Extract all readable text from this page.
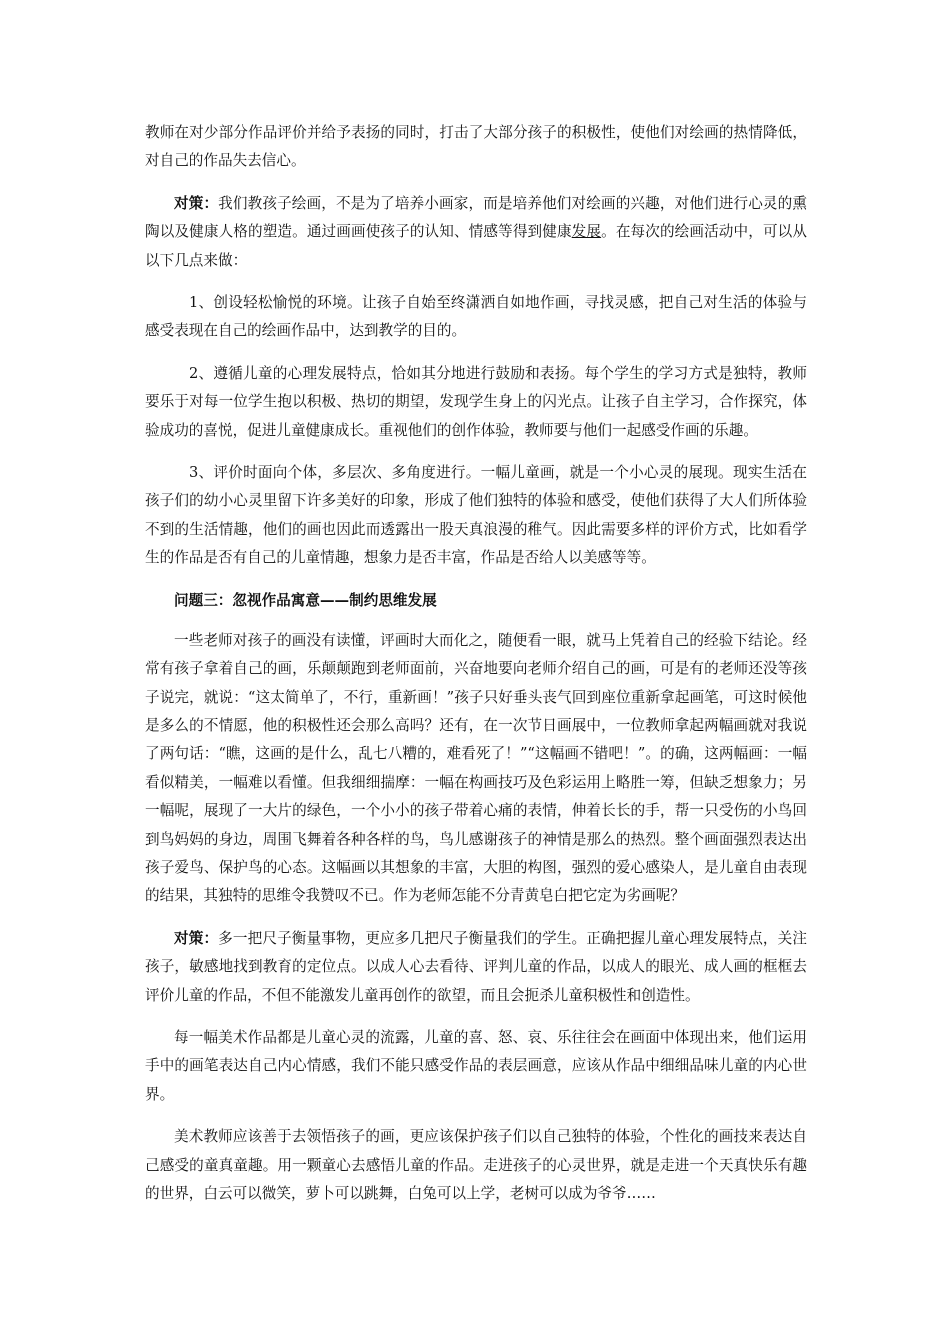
教师在对少部分作品评价并给予表扬的同时，打击了大部分孩子的积极性，使他们对绘画的热情降低，对自己的作品失去信心。

对策：我们教孩子绘画，不是为了培养小画家，而是培养他们对绘画的兴趣，对他们进行心灵的熏陶以及健康人格的塑造。通过画画使孩子的认知、情感等得到健康发展。在每次的绘画活动中，可以从以下几点来做：

1、创设轻松愉悦的环境。让孩子自始至终潇洒自如地作画，寻找灵感，把自己对生活的体验与感受表现在自己的绘画作品中，达到教学的目的。

2、遵循儿童的心理发展特点，恰如其分地进行鼓励和表扬。每个学生的学习方式是独特，教师要乐于对每一位学生抱以积极、热切的期望，发现学生身上的闪光点。让孩子自主学习，合作探究，体验成功的喜悦，促进儿童健康成长。重视他们的创作体验，教师要与他们一起感受作画的乐趣。

3、评价时面向个体，多层次、多角度进行。一幅儿童画，就是一个小心灵的展现。现实生活在孩子们的幼小心灵里留下许多美好的印象，形成了他们独特的体验和感受，使他们获得了大人们所体验不到的生活情趣，他们的画也因此而透露出一股天真浪漫的稚气。因此需要多样的评价方式，比如看学生的作品是否有自己的儿童情趣，想象力是否丰富，作品是否给人以美感等等。

问题三：忽视作品寓意——制约思维发展

一些老师对孩子的画没有读懂，评画时大而化之，随便看一眼，就马上凭着自己的经验下结论。经常有孩子拿着自己的画，乐颠颠跑到老师面前，兴奋地要向老师介绍自己的画，可是有的老师还没等孩子说完，就说：“这太简单了，不行，重新画！”孩子只好垂头丧气回到座位重新拿起画笔，可这时候他是多么的不情愿，他的积极性还会那么高吗？还有，在一次节日画展中，一位教师拿起两幅画就对我说了两句话：“瞧，这画的是什么，乱七八糟的，难看死了！”“这幅画不错吧！”。的确，这两幅画：一幅看似精美，一幅难以看懂。但我细细揣摩：一幅在构画技巧及色彩运用上略胜一筹，但缺乏想象力；另一幅呢，展现了一大片的绿色，一个小小的孩子带着心痛的表情，伸着长长的手，帮一只受伤的小鸟回到鸟妈妈的身边，周围飞舞着各种各样的鸟，鸟儿感谢孩子的神情是那么的热烈。整个画面强烈表达出孩子爱鸟、保护鸟的心态。这幅画以其想象的丰富，大胆的构图，强烈的爱心感染人，是儿童自由表现的结果，其独特的思维令我赞叹不已。作为老师怎能不分青黄皂白把它定为劣画呢？

对策：多一把尺子衡量事物，更应多几把尺子衡量我们的学生。正确把握儿童心理发展特点，关注孩子，敏感地找到教育的定位点。以成人心去看待、评判儿童的作品，以成人的眼光、成人画的框框去评价儿童的作品，不但不能激发儿童再创作的欲望，而且会扼杀儿童积极性和创造性。

每一幅美术作品都是儿童心灵的流露，儿童的喜、怒、哀、乐往往会在画面中体现出来，他们运用手中的画笔表达自己内心情感，我们不能只感受作品的表层画意，应该从作品中细细品味儿童的内心世界。

美术教师应该善于去领悟孩子的画，更应该保护孩子们以自己独特的体验，个性化的画技来表达自己感受的童真童趣。用一颗童心去感悟儿童的作品。走进孩子的心灵世界，就是走进一个天真快乐有趣的世界，白云可以微笑，萝卜可以跳舞，白兔可以上学，老树可以成为爷爷……
